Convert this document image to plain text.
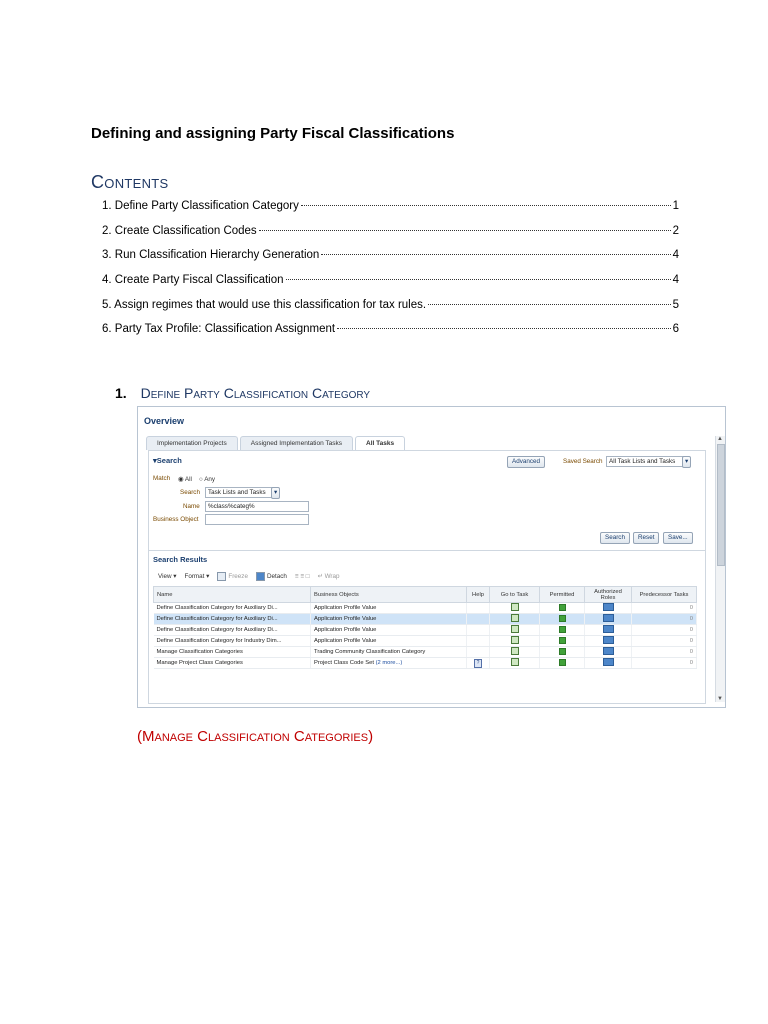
Defining and assigning Party Fiscal Classifications
Contents
1. Define Party Classification Category	1
2. Create Classification Codes	2
3. Run Classification Hierarchy Generation	4
4. Create Party Fiscal Classification	4
5. Assign regimes that would use this classification for tax rules.	5
6. Party Tax Profile: Classification Assignment	6
1. Define Party Classification Category
Overview
Implementation Projects	Assigned Implementation Tasks	All Tasks
▾Search	Advanced	Saved Search	All Task Lists and Tasks	▾
Match ◉ All ○ Any
Search	Task Lists and Tasks	▾
Name	%class%categ%
Business Object
Search	Reset	Save...
Search Results
View ▾ Format ▾	Freeze	Detach ≡ ≡ □ ↵ Wrap
Name	Business Objects	Help	Go to Task	Permitted	Authorized Roles	Predecessor Tasks
Define Classification Category for Auxiliary Di...	Application Profile Value					0
Define Classification Category for Auxiliary Di...	Application Profile Value					0
Define Classification Category for Auxiliary Di...	Application Profile Value					0
Define Classification Category for Industry Dim...	Application Profile Value					0
Manage Classification Categories	Trading Community Classification Category					0
Manage Project Class Categories	Project Class Code Set (2 more...)	?				0
▲
▼
(Manage Classification Categories)
